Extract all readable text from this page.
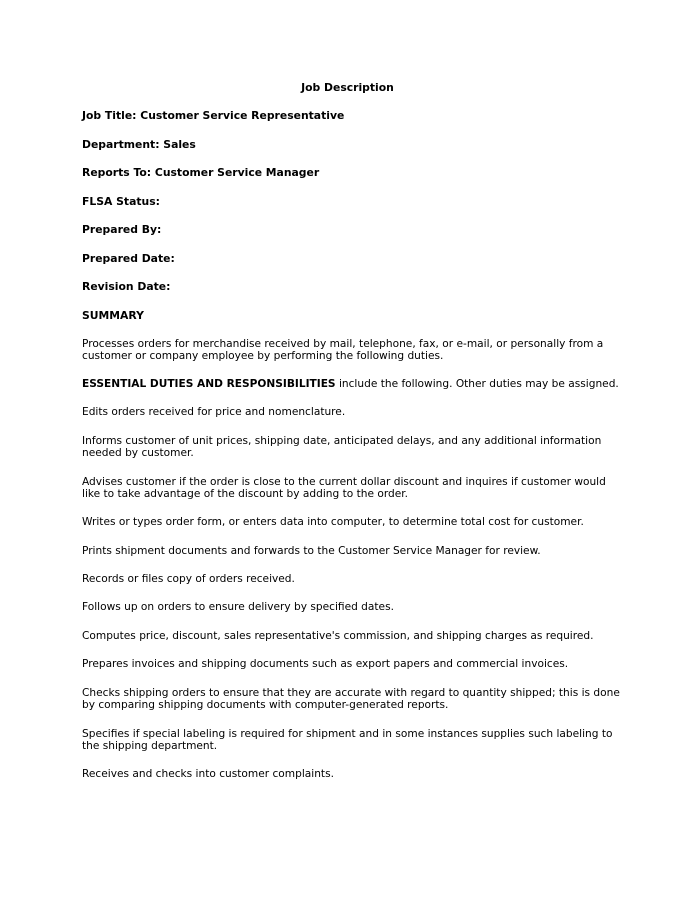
Job Description
Job Title: Customer Service Representative
Department: Sales
Reports To: Customer Service Manager
FLSA Status:
Prepared By:
Prepared Date:
Revision Date:
SUMMARY
Processes orders for merchandise received by mail, telephone, fax, or e-mail, or personally from a customer or company employee by performing the following duties.
ESSENTIAL DUTIES AND RESPONSIBILITIES include the following. Other duties may be assigned.
Edits orders received for price and nomenclature.
Informs customer of unit prices, shipping date, anticipated delays, and any additional information needed by customer.
Advises customer if the order is close to the current dollar discount and inquires if customer would like to take advantage of the discount by adding to the order.
Writes or types order form, or enters data into computer, to determine total cost for customer.
Prints shipment documents and forwards to the Customer Service Manager for review.
Records or files copy of orders received.
Follows up on orders to ensure delivery by specified dates.
Computes price, discount, sales representative's commission, and shipping charges as required.
Prepares invoices and shipping documents such as export papers and commercial invoices.
Checks shipping orders to ensure that they are accurate with regard to quantity shipped; this is done by comparing shipping documents with computer-generated reports.
Specifies if special labeling is required for shipment and in some instances supplies such labeling to the shipping department.
Receives and checks into customer complaints.
